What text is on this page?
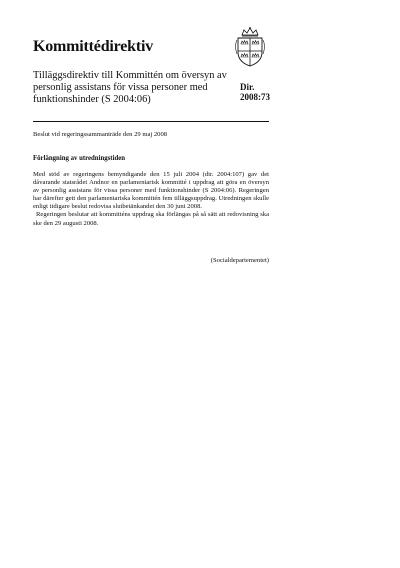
Kommittédirektiv
Tilläggsdirektiv till Kommittén om översyn av personlig assistans för vissa personer med funktionshinder (S 2004:06)
Dir.
2008:73
Beslut vid regeringssammanträde den 29 maj 2008
Förlängning av utredningstiden

Med stöd av regeringens bemyndigande den 15 juli 2004 (dir. 2004:107) gav det dåvarande statsrådet Andnor en parlamentarisk kommitté i uppdrag att göra en översyn av personlig assistans för vissa personer med funktionshinder (S 2004:06). Regeringen har därefter gett den parlamentariska kommittén fem tilläggsuppdrag. Utredningen skulle enligt tidigare beslut redovisa slutbetänkandet den 30 juni 2008.

Regeringen beslutar att kommitténs uppdrag ska förlängas på så sätt att redovisning ska ske den 29 augusti 2008.

(Socialdepartementet)
